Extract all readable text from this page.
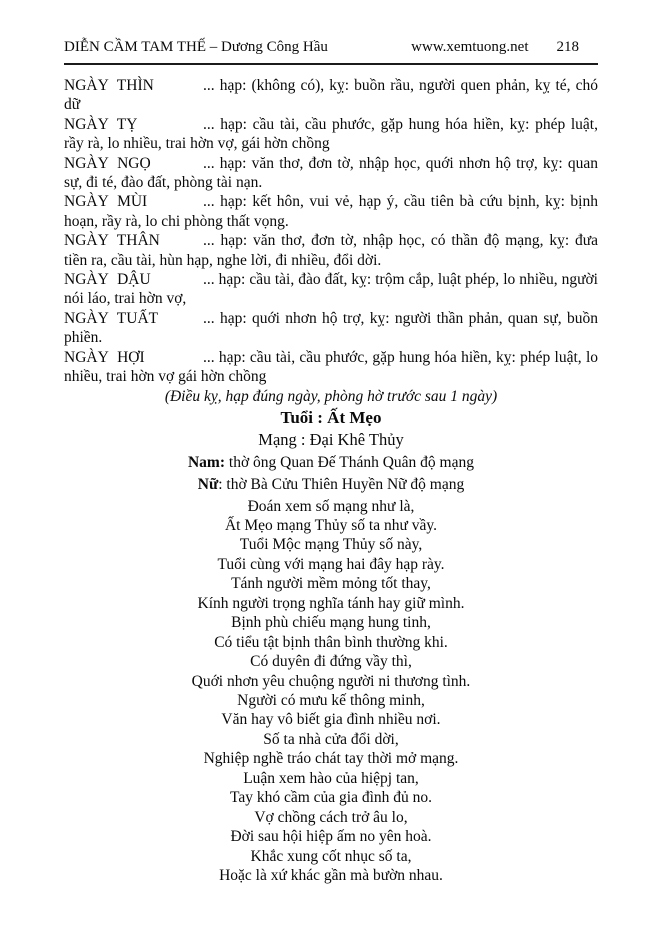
DIỄN CẦM TAM THẾ – Dương Công Hầu	www.xemtuong.net 218

NGÀY THÌN	... hạp: (không có), kỵ: buồn rầu, người quen phản, kỵ té, chó dữ

NGÀY TỴ	... hạp: cầu tài, cầu phước, gặp hung hóa hiền, kỵ: phép luật, rầy rà, lo nhiều, trai hờn vợ, gái hờn chồng

NGÀY NGỌ	... hạp: văn thơ, đơn tờ, nhập học, quới nhơn hộ trợ, kỵ: quan sự, đi té, đào đất, phòng tài nạn.

NGÀY MÙI	... hạp: kết hôn, vui vẻ, hạp ý, cầu tiên bà cứu bịnh, kỵ: bịnh hoạn, rầy rà, lo chi phòng thất vọng.

NGÀY THÂN	... hạp: văn thơ, đơn tờ, nhập học, có thần độ mạng, kỵ: đưa tiền ra, cầu tài, hùn hạp, nghe lời, đi nhiều, đổi dời.

NGÀY DẬU	... hạp: cầu tài, đào đất, kỵ: trộm cắp, luật phép, lo nhiều, người nói láo, trai hờn vợ,

NGÀY TUẤT	... hạp: quới nhơn hộ trợ, kỵ: người thần phản, quan sự, buồn phiền.

NGÀY HỢI	... hạp: cầu tài, cầu phước, gặp hung hóa hiền, kỵ: phép luật, lo nhiều, trai hờn vợ gái hờn chồng

(Điều kỵ, hạp đúng ngày, phòng hờ trước sau 1 ngày)
Tuổi : Ất Mẹo
Mạng : Đại Khê Thủy
Nam: thờ ông Quan Đế Thánh Quân độ mạng
Nữ: thờ Bà Cửu Thiên Huyền Nữ độ mạng
Đoán xem số mạng như là,
Ất Mẹo mạng Thủy số ta như vầy.
Tuổi Mộc mạng Thủy số này,
Tuổi cùng với mạng hai đây hạp rày.
Tánh người mềm mỏng tốt thay,
Kính người trọng nghĩa tánh hay giữ mình.
Bịnh phù chiếu mạng hung tinh,
Có tiểu tật bịnh thân bình thường khi.
Có duyên đi đứng vầy thì,
Quới nhơn yêu chuộng người ni thương tình.
Người có mưu kế thông minh,
Văn hay vô biết gia đình nhiều nơi.
Số ta nhà cửa đổi dời,
Nghiệp nghề tráo chát tay thời mở mạng.
Luận xem hào của hiệpj tan,
Tay khó cầm của gia đình đủ no.
Vợ chồng cách trở âu lo,
Đời sau hội hiệp ấm no yên hoà.
Khắc xung cốt nhục số ta,
Hoặc là xứ khác gần mà bườn nhau.
